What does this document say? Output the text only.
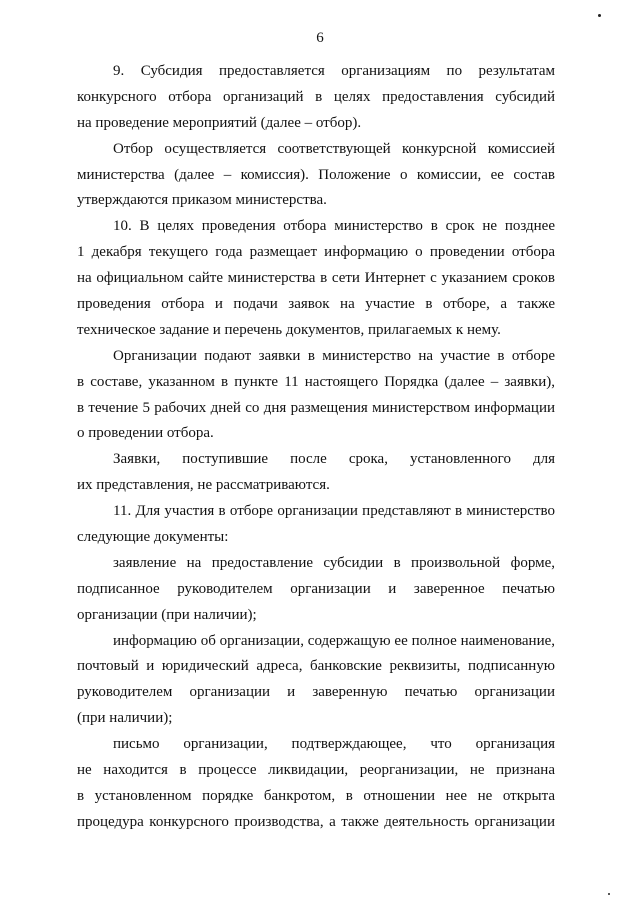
6
9. Субсидия предоставляется организациям по результатам
конкурсного отбора организаций в целях предоставления субсидий
на проведение мероприятий (далее – отбор).
Отбор осуществляется соответствующей конкурсной комиссией
министерства (далее – комиссия). Положение о комиссии, ее состав
утверждаются приказом министерства.
10. В целях проведения отбора министерство в срок не позднее
1 декабря текущего года размещает информацию о проведении отбора
на официальном сайте министерства в сети Интернет с указанием сроков
проведения отбора и подачи заявок на участие в отборе, а также
техническое задание и перечень документов, прилагаемых к нему.
Организации подают заявки в министерство на участие в отборе
в составе, указанном в пункте 11 настоящего Порядка (далее – заявки),
в течение 5 рабочих дней со дня размещения министерством информации
о проведении отбора.
Заявки, поступившие после срока, установленного для
их представления, не рассматриваются.
11. Для участия в отборе организации представляют в министерство
следующие документы:
заявление на предоставление субсидии в произвольной форме,
подписанное руководителем организации и заверенное печатью
организации (при наличии);
информацию об организации, содержащую ее полное наименование,
почтовый и юридический адреса, банковские реквизиты, подписанную
руководителем организации и заверенную печатью организации
(при наличии);
письмо организации, подтверждающее, что организация
не находится в процессе ликвидации, реорганизации, не признана
в установленном порядке банкротом, в отношении нее не открыта
процедура конкурсного производства, а также деятельность организации
